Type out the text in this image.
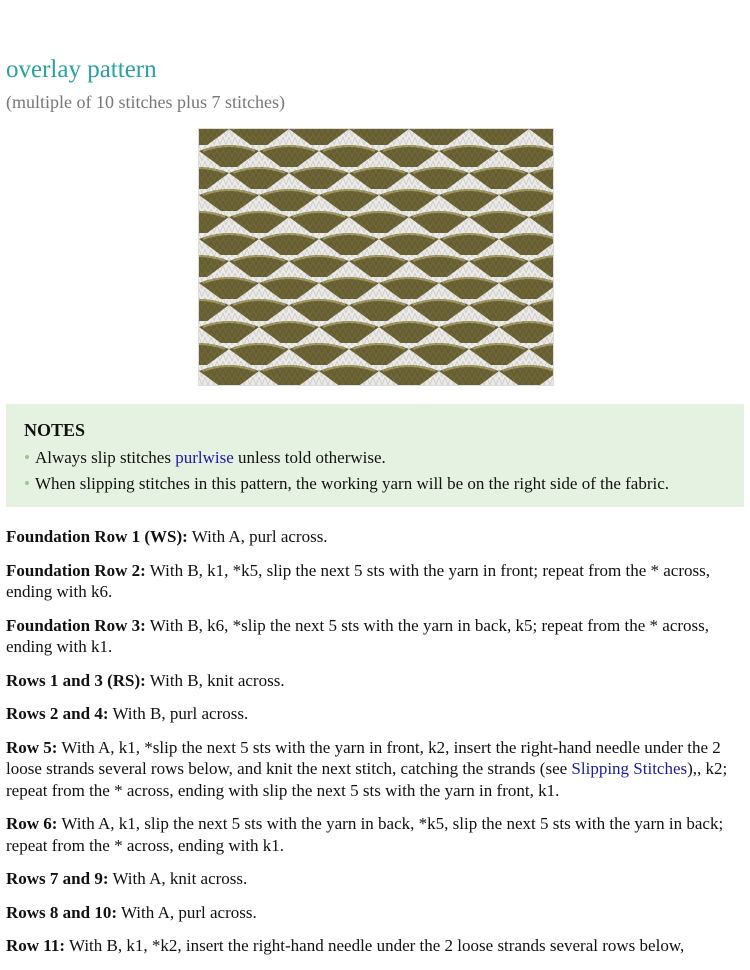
overlay pattern
(multiple of 10 stitches plus 7 stitches)
NOTES
• Always slip stitches purlwise unless told otherwise.
• When slipping stitches in this pattern, the working yarn will be on the right side of the fabric.

Foundation Row 1 (WS): With A, purl across.

Foundation Row 2: With B, k1, *k5, slip the next 5 sts with the yarn in front; repeat from the * across, ending with k6.

Foundation Row 3: With B, k6, *slip the next 5 sts with the yarn in back, k5; repeat from the * across, ending with k1.

Rows 1 and 3 (RS): With B, knit across.

Rows 2 and 4: With B, purl across.

Row 5: With A, k1, *slip the next 5 sts with the yarn in front, k2, insert the right-hand needle under the 2 loose strands several rows below, and knit the next stitch, catching the strands (see Slipping Stitches),, k2; repeat from the * across, ending with slip the next 5 sts with the yarn in front, k1.

Row 6: With A, k1, slip the next 5 sts with the yarn in back, *k5, slip the next 5 sts with the yarn in back; repeat from the * across, ending with k1.

Rows 7 and 9: With A, knit across.

Rows 8 and 10: With A, purl across.

Row 11: With B, k1, *k2, insert the right-hand needle under the 2 loose strands several rows below,
